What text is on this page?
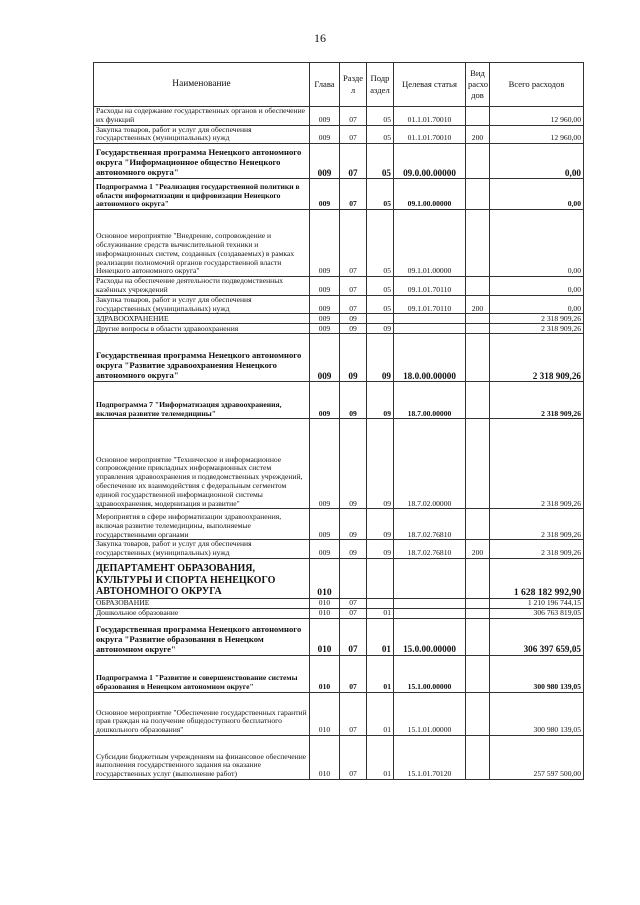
16
Наименование	Глава	Разде л	Подр аздел	Целевая статья	Вид расхо дов	Всего расходов
Расходы на содержание государственных органов и обеспечение их функций	009	07	05	01.1.01.70010		12 960,00
Закупка товаров, работ и услуг для обеспечения государственных (муниципальных) нужд	009	07	05	01.1.01.70010	200	12 960,00
Государственная программа Ненецкого автономного округа "Информационное общество Ненецкого автономного округа"	009	07	05	09.0.00.00000		0,00
Подпрограмма 1 "Реализация государственной политики в области информатизации и цифровизации Ненецкого автономного округа"	009	07	05	09.1.00.00000		0,00
Основное мероприятие "Внедрение, сопровождение и обслуживание средств вычислительной техники и информационных систем, созданных (создаваемых) в рамках реализации полномочий органов государственной власти Ненецкого автономного округа"	009	07	05	09.1.01.00000		0,00
Расходы на обеспечение деятельности подведомственных казённых учреждений	009	07	05	09.1.01.70110		0,00
Закупка товаров, работ и услуг для обеспечения государственных (муниципальных) нужд	009	07	05	09.1.01.70110	200	0,00
ЗДРАВООХРАНЕНИЕ	009	09				2 318 909,26
Другие вопросы в области здравоохранения	009	09	09			2 318 909,26
Государственная программа Ненецкого автономного округа "Развитие здравоохранения Ненецкого автономного округа"	009	09	09	18.0.00.00000		2 318 909,26
Подпрограмма 7 "Информатизация здравоохранения, включая развитие телемедицины"	009	09	09	18.7.00.00000		2 318 909,26
Основное мероприятие "Техническое и информационное сопровождение прикладных информационных систем управления здравоохранения и подведомственных учреждений, обеспечение их взаимодействия с федеральным сегментом единой государственной информационной системы здравоохранения, модернизация и развитие"	009	09	09	18.7.02.00000		2 318 909,26
Мероприятия в сфере информатизации здравоохранения, включая развитие телемедицины, выполняемые государственными органами	009	09	09	18.7.02.76810		2 318 909,26
Закупка товаров, работ и услуг для обеспечения государственных (муниципальных) нужд	009	09	09	18.7.02.76810	200	2 318 909,26
ДЕПАРТАМЕНТ ОБРАЗОВАНИЯ, КУЛЬТУРЫ И СПОРТА НЕНЕЦКОГО АВТОНОМНОГО ОКРУГА	010					1 628 182 992,90
ОБРАЗОВАНИЕ	010	07				1 210 196 744,15
Дошкольное образование	010	07	01			306 763 819,05
Государственная программа Ненецкого автономного округа "Развитие образования в Ненецком автономном округе"	010	07	01	15.0.00.00000		306 397 659,05
Подпрограмма 1 "Развитие и совершенствование системы образования в Ненецком автономном округе"	010	07	01	15.1.00.00000		300 980 139,05
Основное мероприятие "Обеспечение государственных гарантий прав граждан на получение общедоступного бесплатного дошкольного образования"	010	07	01	15.1.01.00000		300 980 139,05
Субсидии бюджетным учреждениям на финансовое обеспечение выполнения государственного задания на оказание государственных услуг (выполнение работ)	010	07	01	15.1.01.70120		257 597 500,00
